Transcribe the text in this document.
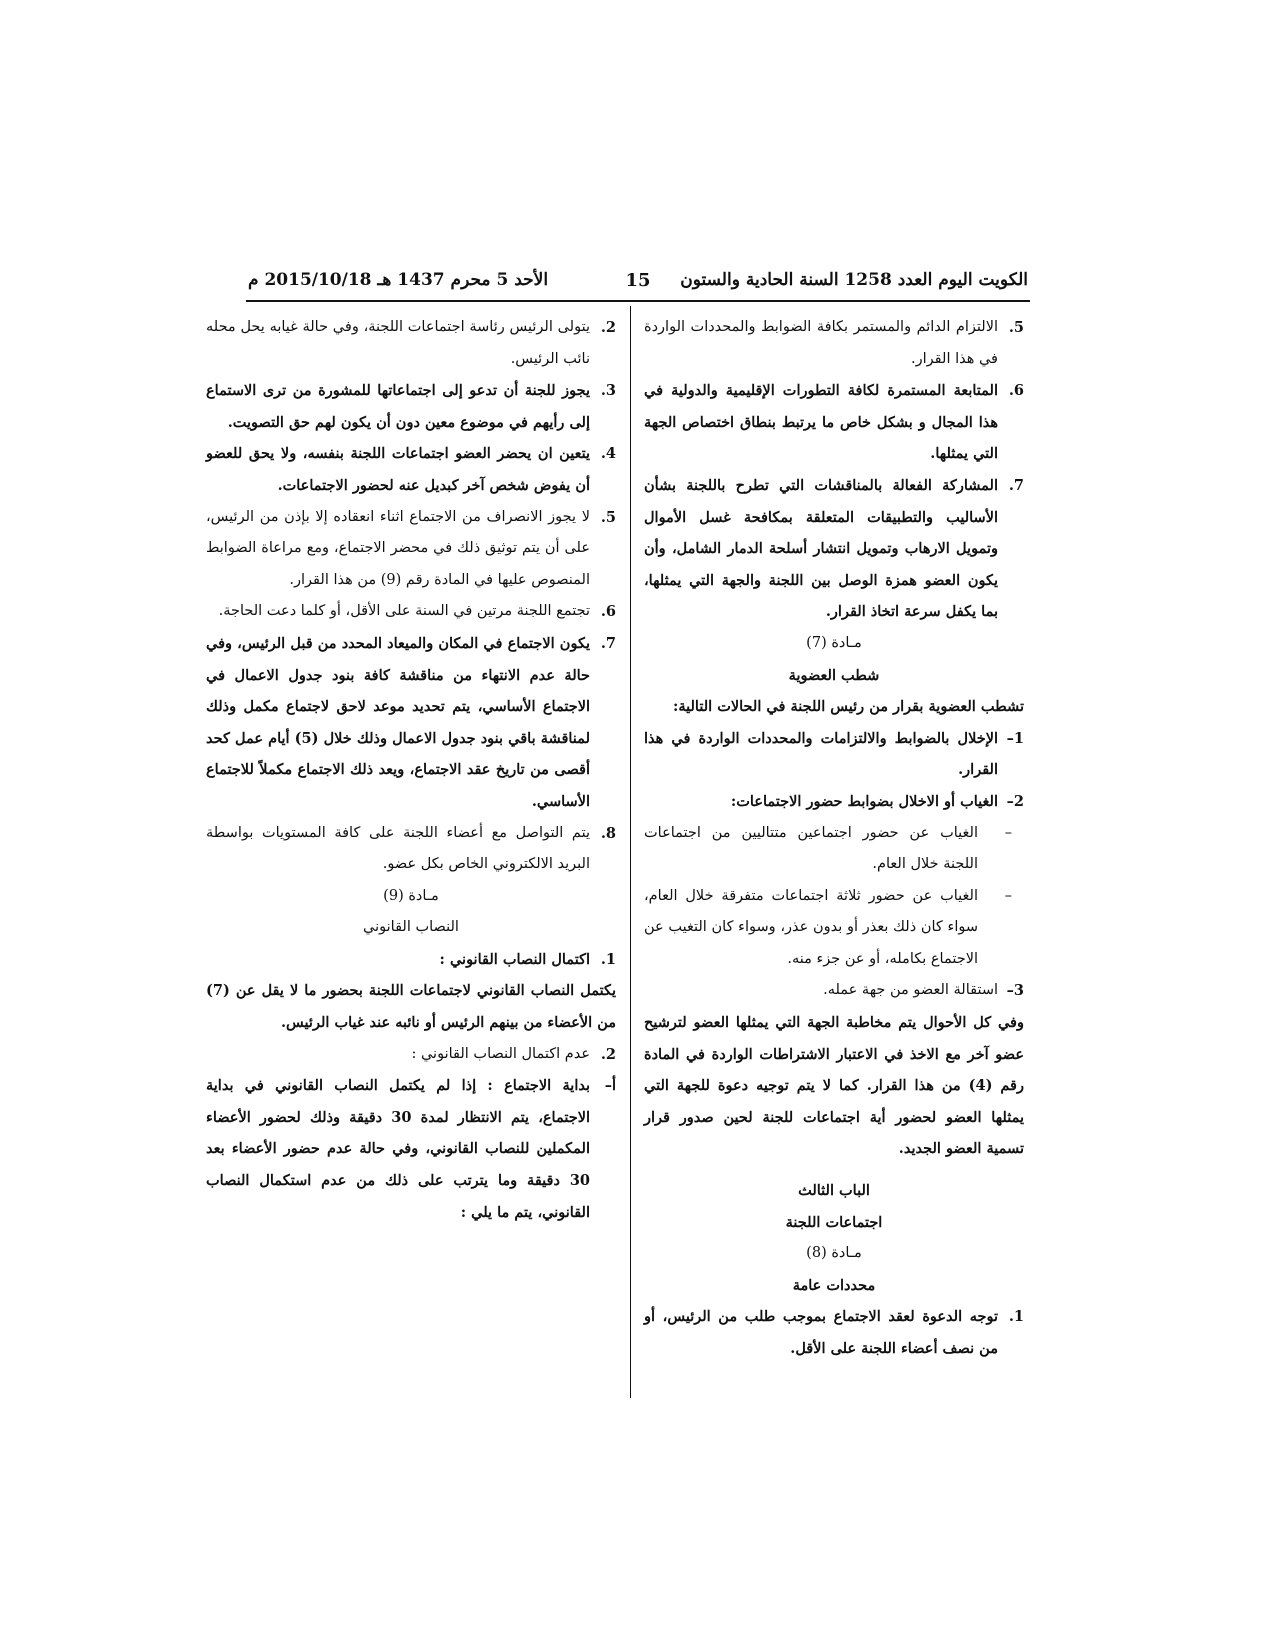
الكويت اليوم العدد 1258 السنة الحادية والستون
15
الأحد 5 محرم 1437 هـ 2015/10/18 م

5.
الالتزام الدائم والمستمر بكافة الضوابط والمحددات الواردة في هذا القرار.

6.
المتابعة المستمرة لكافة التطورات الإقليمية والدولية في هذا المجال و بشكل خاص ما يرتبط بنطاق اختصاص الجهة التي يمثلها.

7.
المشاركة الفعالة بالمناقشات التي تطرح باللجنة بشأن الأساليب والتطبيقات المتعلقة بمكافحة غسل الأموال وتمويل الارهاب وتمويل انتشار أسلحة الدمار الشامل، وأن يكون العضو همزة الوصل بين اللجنة والجهة التي يمثلها، بما يكفل سرعة اتخاذ القرار.

مـادة (7)

شطب العضوية

تشطب العضوية بقرار من رئيس اللجنة في الحالات التالية:

1–
الإخلال بالضوابط والالتزامات والمحددات الواردة في هذا القرار.

2–
الغياب أو الاخلال بضوابط حضور الاجتماعات:

–
الغياب عن حضور اجتماعين متتاليين من اجتماعات اللجنة خلال العام.

–
الغياب عن حضور ثلاثة اجتماعات متفرقة خلال العام، سواء كان ذلك بعذر أو بدون عذر، وسواء كان التغيب عن الاجتماع بكامله، أو عن جزء منه.

3–
استقالة العضو من جهة عمله.

وفي كل الأحوال يتم مخاطبة الجهة التي يمثلها العضو لترشيح عضو آخر مع الاخذ في الاعتبار الاشتراطات الواردة في المادة رقم (4) من هذا القرار. كما لا يتم توجيه دعوة للجهة التي يمثلها العضو لحضور أية اجتماعات للجنة لحين صدور قرار تسمية العضو الجديد.

الباب الثالث

اجتماعات اللجنة

مـادة (8)

محددات عامة

1.
توجه الدعوة لعقد الاجتماع بموجب طلب من الرئيس، أو من نصف أعضاء اللجنة على الأقل.

2.
يتولى الرئيس رئاسة اجتماعات اللجنة، وفي حالة غيابه يحل محله نائب الرئيس.

3.
يجوز للجنة أن تدعو إلى اجتماعاتها للمشورة من ترى الاستماع إلى رأيهم في موضوع معين دون أن يكون لهم حق التصويت.

4.
يتعين ان يحضر العضو اجتماعات اللجنة بنفسه، ولا يحق للعضو أن يفوض شخص آخر كبديل عنه لحضور الاجتماعات.

5.
لا يجوز الانصراف من الاجتماع اثناء انعقاده إلا بإذن من الرئيس، على أن يتم توثيق ذلك في محضر الاجتماع، ومع مراعاة الضوابط المنصوص عليها في المادة رقم (9) من هذا القرار.

6.
تجتمع اللجنة مرتين في السنة على الأقل، أو كلما دعت الحاجة.

7.
يكون الاجتماع في المكان والميعاد المحدد من قبل الرئيس، وفي حالة عدم الانتهاء من مناقشة كافة بنود جدول الاعمال في الاجتماع الأساسي، يتم تحديد موعد لاحق لاجتماع مكمل وذلك لمناقشة باقي بنود جدول الاعمال وذلك خلال (5) أيام عمل كحد أقصى من تاريخ عقد الاجتماع، ويعد ذلك الاجتماع مكملاً للاجتماع الأساسي.

8.
يتم التواصل مع أعضاء اللجنة على كافة المستويات بواسطة البريد الالكتروني الخاص بكل عضو.

مـادة (9)

النصاب القانوني

1.
اكتمال النصاب القانوني :

يكتمل النصاب القانوني لاجتماعات اللجنة بحضور ما لا يقل عن (7) من الأعضاء من بينهم الرئيس أو نائبه عند غياب الرئيس.

2.
عدم اكتمال النصاب القانوني :

أ–
بداية الاجتماع : إذا لم يكتمل النصاب القانوني في بداية الاجتماع، يتم الانتظار لمدة 30 دقيقة وذلك لحضور الأعضاء المكملين للنصاب القانوني، وفي حالة عدم حضور الأعضاء بعد 30 دقيقة وما يترتب على ذلك من عدم استكمال النصاب القانوني، يتم ما يلي :
